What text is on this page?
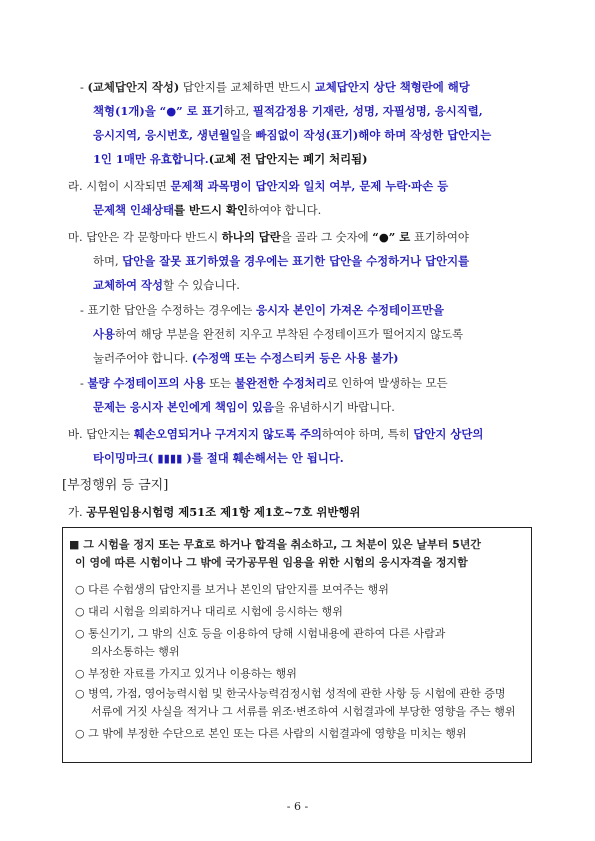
- (교체답안지 작성) 답안지를 교체하면 반드시 교체답안지 상단 책형란에 해당
책형(1개)을 “●” 로 표기하고, 필적감정용 기재란, 성명, 자필성명, 응시직렬,
응시지역, 응시번호, 생년월일을 빠짐없이 작성(표기)해야 하며 작성한 답안지는
1인 1매만 유효합니다.(교체 전 답안지는 폐기 처리됨)
라. 시험이 시작되면 문제책 과목명이 답안지와 일치 여부, 문제 누락·파손 등
문제책 인쇄상태를 반드시 확인하여야 합니다.
마. 답안은 각 문항마다 반드시 하나의 답란을 골라 그 숫자에 “●” 로 표기하여야
하며, 답안을 잘못 표기하였을 경우에는 표기한 답안을 수정하거나 답안지를
교체하여 작성할 수 있습니다.
- 표기한 답안을 수정하는 경우에는 응시자 본인이 가져온 수정테이프만을
사용하여 해당 부분을 완전히 지우고 부착된 수정테이프가 떨어지지 않도록
눌러주어야 합니다. (수정액 또는 수정스티커 등은 사용 불가)
- 불량 수정테이프의 사용 또는 불완전한 수정처리로 인하여 발생하는 모든
문제는 응시자 본인에게 책임이 있음을 유념하시기 바랍니다.
바. 답안지는 훼손오염되거나 구겨지지 않도록 주의하여야 하며, 특히 답안지 상단의
타이밍마크( ▮▮▮▮ )를 절대 훼손해서는 안 됩니다.
[부정행위 등 금지]
가. 공무원임용시험령 제51조 제1항 제1호~7호 위반행위
■ 그 시험을 정지 또는 무효로 하거나 합격을 취소하고, 그 처분이 있은 날부터 5년간
이 영에 따른 시험이나 그 밖에 국가공무원 임용을 위한 시험의 응시자격을 정지함
○ 다른 수험생의 답안지를 보거나 본인의 답안지를 보여주는 행위
○ 대리 시험을 의뢰하거나 대리로 시험에 응시하는 행위
○ 통신기기, 그 밖의 신호 등을 이용하여 당해 시험내용에 관하여 다른 사람과
의사소통하는 행위
○ 부정한 자료를 가지고 있거나 이용하는 행위
○ 병역, 가점, 영어능력시험 및 한국사능력검정시험 성적에 관한 사항 등 시험에 관한 증명
서류에 거짓 사실을 적거나 그 서류를 위조·변조하여 시험결과에 부당한 영향을 주는 행위
○ 그 밖에 부정한 수단으로 본인 또는 다른 사람의 시험결과에 영향을 미치는 행위
- 6 -
